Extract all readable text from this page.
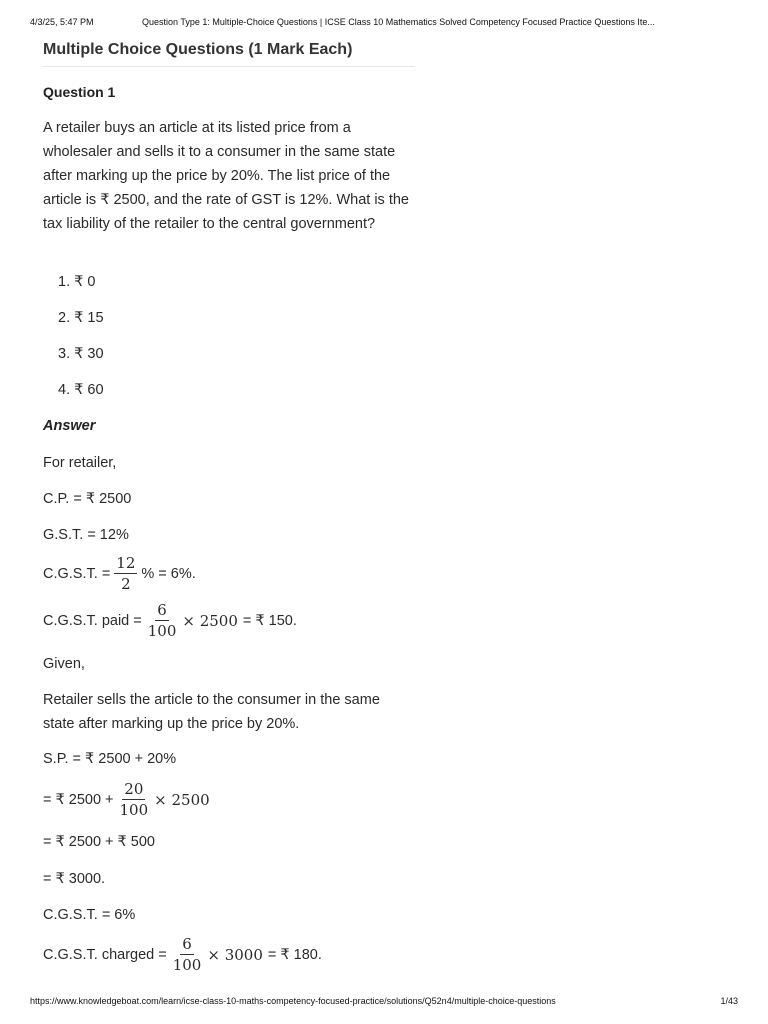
4/3/25, 5:47 PM	Question Type 1: Multiple-Choice Questions | ICSE Class 10 Mathematics Solved Competency Focused Practice Questions Ite...
Multiple Choice Questions (1 Mark Each)
Question 1
A retailer buys an article at its listed price from a wholesaler and sells it to a consumer in the same state after marking up the price by 20%. The list price of the article is ₹ 2500, and the rate of GST is 12%. What is the tax liability of the retailer to the central government?
1. ₹ 0
2. ₹ 15
3. ₹ 30
4. ₹ 60
Answer
For retailer,
C.P. = ₹ 2500
G.S.T. = 12%
C.G.S.T. = $\frac{12}{2}$ % = 6%.
C.G.S.T. paid = $\frac{6}{100} \times 2500$ = ₹ 150.
Given,
Retailer sells the article to the consumer in the same state after marking up the price by 20%.
S.P. = ₹ 2500 + 20%
= ₹ $2500 + \frac{20}{100} \times 2500$
= ₹ 2500 + ₹ 500
= ₹ 3000.
C.G.S.T. = 6%
C.G.S.T. charged = $\frac{6}{100} \times 3000$ = ₹ 180.
https://www.knowledgeboat.com/learn/icse-class-10-maths-competency-focused-practice/solutions/Q52n4/multiple-choice-questions	1/43
